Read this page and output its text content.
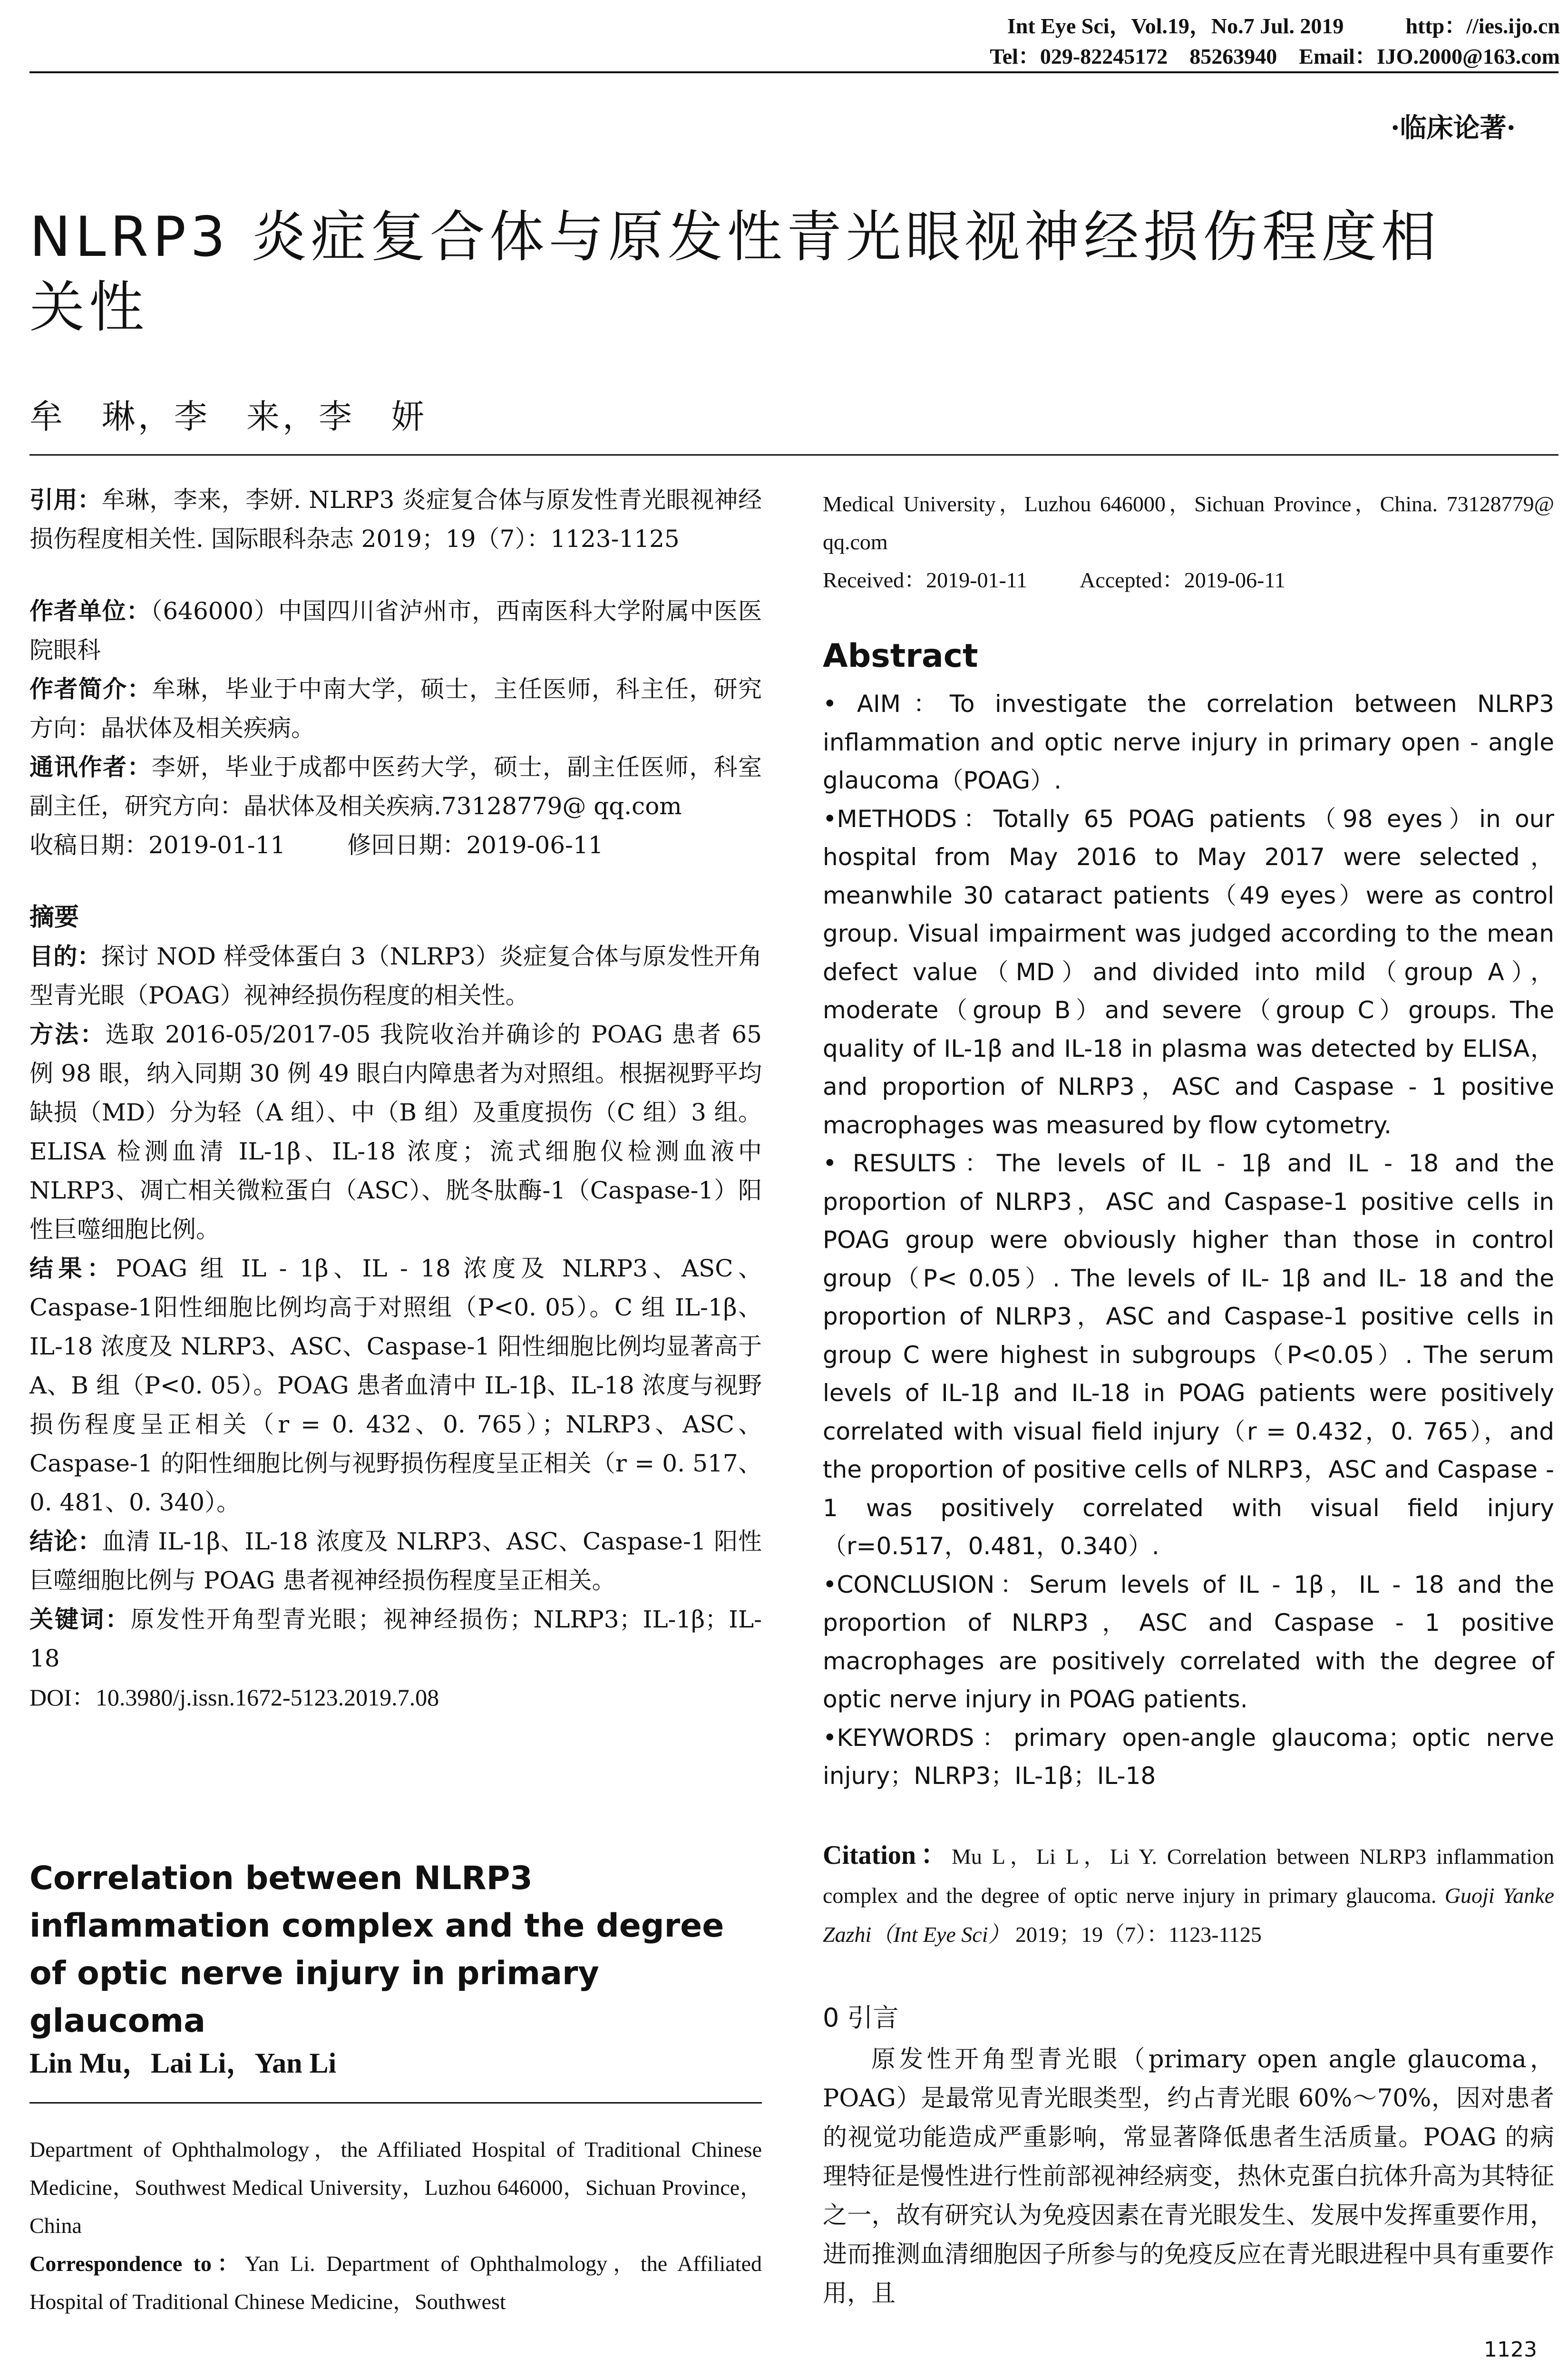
Int Eye Sci，Vol.19，No.7 Jul. 2019	http：//ies.ijo.cn
Tel：029-82245172　85263940　Email：IJO.2000@163.com
·临床论著·
NLRP3 炎症复合体与原发性青光眼视神经损伤程度相
关性
牟　琳，李　来，李　妍

引用：牟琳，李来，李妍. NLRP3 炎症复合体与原发性青光眼视神经损伤程度相关性. 国际眼科杂志 2019；19（7）：1123-1125

作者单位：（646000）中国四川省泸州市，西南医科大学附属中医医院眼科

作者简介：牟琳，毕业于中南大学，硕士，主任医师，科主任，研究方向：晶状体及相关疾病。

通讯作者：李妍，毕业于成都中医药大学，硕士，副主任医师，科室副主任，研究方向：晶状体及相关疾病.73128779@ qq.com

收稿日期：2019-01-11	修回日期：2019-06-11

摘要

目的：探讨 NOD 样受体蛋白 3（NLRP3）炎症复合体与原发性开角型青光眼（POAG）视神经损伤程度的相关性。

方法：选取 2016-05/2017-05 我院收治并确诊的 POAG 患者 65 例 98 眼，纳入同期 30 例 49 眼白内障患者为对照组。根据视野平均缺损（MD）分为轻（A 组）、中（B 组）及重度损伤（C 组）3 组。ELISA 检测血清 IL-1β、IL-18 浓度；流式细胞仪检测血液中 NLRP3、凋亡相关微粒蛋白（ASC）、胱冬肽酶-1（Caspase-1）阳性巨噬细胞比例。

结果：POAG 组 IL - 1β、IL - 18 浓度及 NLRP3、ASC、Caspase-1阳性细胞比例均高于对照组（P<0. 05）。C 组 IL-1β、IL-18 浓度及 NLRP3、ASC、Caspase-1 阳性细胞比例均显著高于 A、B 组（P<0. 05）。POAG 患者血清中 IL-1β、IL-18 浓度与视野损伤程度呈正相关（r = 0. 432、0. 765）；NLRP3、ASC、Caspase-1 的阳性细胞比例与视野损伤程度呈正相关（r = 0. 517、0. 481、0. 340）。

结论：血清 IL-1β、IL-18 浓度及 NLRP3、ASC、Caspase-1 阳性巨噬细胞比例与 POAG 患者视神经损伤程度呈正相关。

关键词：原发性开角型青光眼；视神经损伤；NLRP3；IL-1β；IL-18

DOI：10.3980/j.issn.1672-5123.2019.7.08

Correlation between NLRP3 inflammation complex and the degree of optic nerve injury in primary glaucoma
Lin Mu，Lai Li，Yan Li

Department of Ophthalmology，the Affiliated Hospital of Traditional Chinese Medicine，Southwest Medical University，Luzhou 646000，Sichuan Province，China

Correspondence to：Yan Li. Department of Ophthalmology，the Affiliated Hospital of Traditional Chinese Medicine，Southwest

Medical University，Luzhou 646000，Sichuan Province，China. 73128779@ qq.com

Received：2019-01-11 Accepted：2019-06-11

Abstract

• AIM：To investigate the correlation between NLRP3 inflammation and optic nerve injury in primary open - angle glaucoma（POAG）.

•METHODS：Totally 65 POAG patients（98 eyes）in our hospital from May 2016 to May 2017 were selected， meanwhile 30 cataract patients（49 eyes）were as control group. Visual impairment was judged according to the mean defect value（MD）and divided into mild（group A），moderate（group B）and severe（group C）groups. The quality of IL-1β and IL-18 in plasma was detected by ELISA，and proportion of NLRP3，ASC and Caspase - 1 positive macrophages was measured by flow cytometry.

• RESULTS：The levels of IL - 1β and IL - 18 and the proportion of NLRP3，ASC and Caspase-1 positive cells in POAG group were obviously higher than those in control group（P< 0.05）. The levels of IL- 1β and IL- 18 and the proportion of NLRP3，ASC and Caspase-1 positive cells in group C were highest in subgroups（P<0.05）. The serum levels of IL-1β and IL-18 in POAG patients were positively correlated with visual field injury（r = 0.432，0. 765），and the proportion of positive cells of NLRP3，ASC and Caspase - 1 was positively correlated with visual field injury（r=0.517，0.481，0.340）.

•CONCLUSION：Serum levels of IL - 1β，IL - 18 and the proportion of NLRP3，ASC and Caspase - 1 positive macrophages are positively correlated with the degree of optic nerve injury in POAG patients.

•KEYWORDS：primary open-angle glaucoma；optic nerve injury；NLRP3；IL-1β；IL-18

Citation：Mu L，Li L，Li Y. Correlation between NLRP3 inflammation complex and the degree of optic nerve injury in primary glaucoma. Guoji Yanke Zazhi（Int Eye Sci） 2019；19（7）：1123-1125
0 引言
原发性开角型青光眼（primary open angle glaucoma，POAG）是最常见青光眼类型，约占青光眼 60%～70%，因对患者的视觉功能造成严重影响，常显著降低患者生活质量。POAG 的病理特征是慢性进行性前部视神经病变，热休克蛋白抗体升高为其特征之一，故有研究认为免疫因素在青光眼发生、发展中发挥重要作用，进而推测血清细胞因子所参与的免疫反应在青光眼进程中具有重要作用，且
1123
